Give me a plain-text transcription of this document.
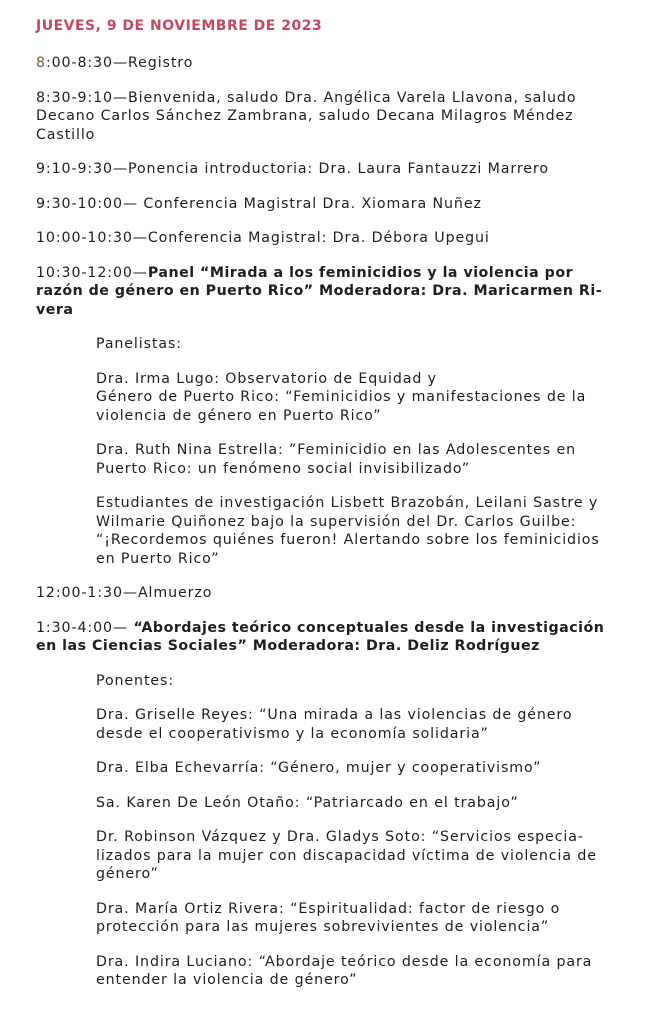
JUEVES, 9 DE NOVIEMBRE DE 2023
8:00-8:30—Registro
8:30-9:10—Bienvenida, saludo Dra. Angélica Varela Llavona, saludo
Decano Carlos Sánchez Zambrana, saludo Decana Milagros Méndez
Castillo
9:10-9:30—Ponencia introductoria: Dra. Laura Fantauzzi Marrero
9:30-10:00— Conferencia Magistral Dra. Xiomara Nuñez
10:00-10:30—Conferencia Magistral: Dra. Débora Upegui
10:30-12:00—Panel “Mirada a los feminicidios y la violencia por
razón de género en Puerto Rico” Moderadora: Dra. Maricarmen Ri-
vera
Panelistas:
Dra. Irma Lugo: Observatorio de Equidad y
Género de Puerto Rico: “Feminicidios y manifestaciones de la
violencia de género en Puerto Rico”
Dra. Ruth Nina Estrella: ”Feminicidio en las Adolescentes en
Puerto Rico: un fenómeno social invisibilizado”
Estudiantes de investigación Lisbett Brazobán, Leilani Sastre y
Wilmarie Quiñonez bajo la supervisión del Dr. Carlos Guilbe:
“¡Recordemos quiénes fueron! Alertando sobre los feminicidios
en Puerto Rico”
12:00-1:30—Almuerzo
1:30-4:00— “Abordajes teórico conceptuales desde la investigación
en las Ciencias Sociales” Moderadora: Dra. Deliz Rodríguez
Ponentes:
Dra. Griselle Reyes: “Una mirada a las violencias de género
desde el cooperativismo y la economía solidaria”
Dra. Elba Echevarría: “Género, mujer y cooperativismo”
Sa. Karen De León Otaño: “Patriarcado en el trabajo”
Dr. Robinson Vázquez y Dra. Gladys Soto: “Servicios especia-
lizados para la mujer con discapacidad víctima de violencia de
género”
Dra. María Ortiz Rivera: “Espiritualidad: factor de riesgo o
protección para las mujeres sobrevivientes de violencia”
Dra. Indira Luciano: “Abordaje teórico desde la economía para
entender la violencia de género”
